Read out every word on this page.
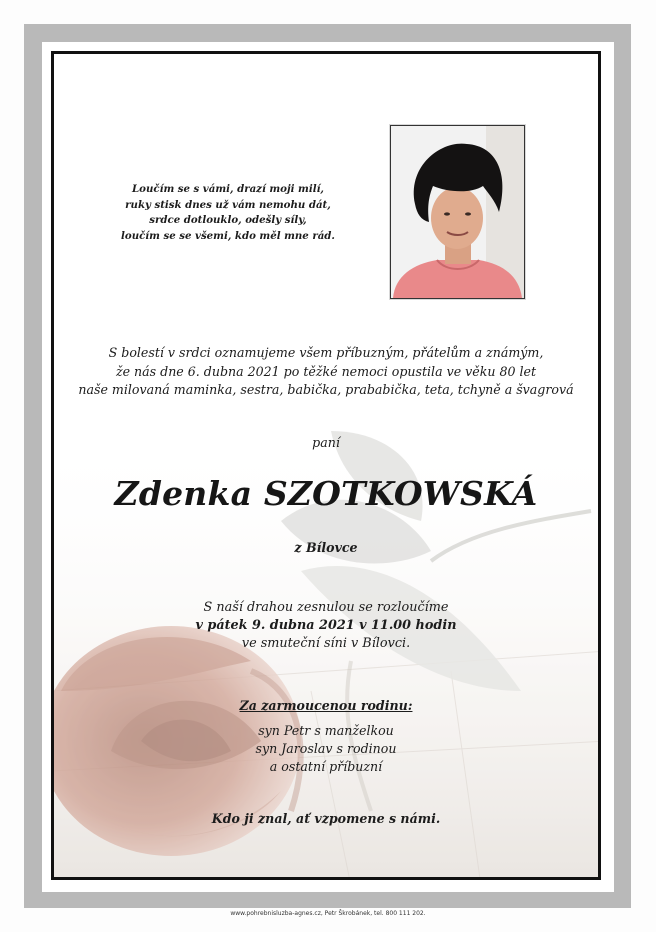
Loučím se s vámi, drazí moji milí,
ruky stisk dnes už vám nemohu dát,
srdce dotlouklo, odešly síly,
loučím se se všemi, kdo měl mne rád.
S bolestí v srdci oznamujeme všem příbuzným, přátelům a známým,
že nás dne 6. dubna 2021 po těžké nemoci opustila ve věku 80 let
naše milovaná maminka, sestra, babička, prababička, teta, tchyně a švagrová
paní
Zdenka SZOTKOWSKÁ
z Bílovce
S naší drahou zesnulou se rozloučíme
v pátek 9. dubna 2021 v 11.00 hodin
ve smuteční síni v Bílovci.
Za zarmoucenou rodinu:
syn Petr s manželkou
syn Jaroslav s rodinou
a ostatní příbuzní
Kdo ji znal, ať vzpomene s námi.
www.pohrebnisluzba-agnes.cz, Petr Škrobánek, tel. 800 111 202.
